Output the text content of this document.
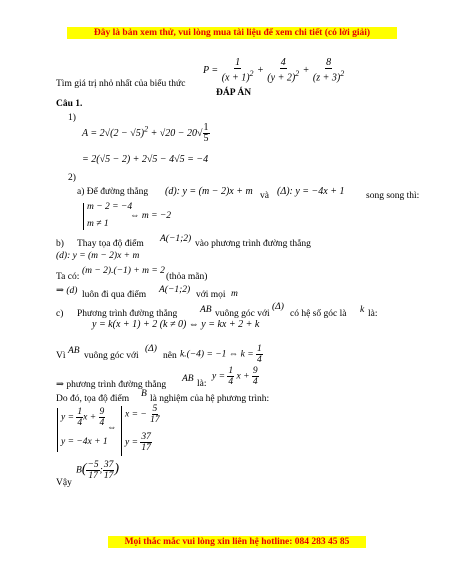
Đây là bản xem thử, vui lòng mua tài liệu để xem chi tiết (có lời giải)
$P = \frac{1}{(x + 1)^2} + \frac{4}{(y + 2)^2} + \frac{8}{(z + 3)^2}$
Tìm giá trị nhỏ nhất của biểu thức
ĐÁP ÁN
Câu 1.
1)
$A = 2√(2 - √5)^2 + √20 - 20√ \frac{1}{5}$
= 2(√5 − 2) + 2√5 − 4√5 = −4
2)
a) Để đường thẳng (d): y = (m − 2)x + m và (Δ): y = −4x + 1 song song thì:
m − 2 = −4
m ≠ 1
⇔ m = −2
b) Thay tọa độ điểm A(−1;2) vào phương trình đường thẳng
(d): y = (m − 2)x + m
Ta có:
(m − 2).(−1) + m = 2
(thỏa mãn)
⇒ (d) luôn đi qua điểm A(−1;2) với mọi m
c) Phương trình đường thẳng AB vuông góc với
(Δ)
có hệ số góc là k là:
y = k(x + 1) + 2 (k ≠ 0) ⇔ y = kx + 2 + k
Vì AB vuông góc với
(Δ)
nên k.(−4) = −1 ⇔ $k = \frac{1}{4}$
⇒ phương trình đường thẳng
AB là:
$y = \frac{1}{4}$ $x + \frac{9}{4}$
Do đó, tọa độ điểm B là nghiệm của hệ phương trình:
$y = \frac{1}{4}$ $x + \frac{9}{4}$
y = −4x + 1
⇔
x = − $\frac{5}{17}$
$y = \frac{37}{17}$
$B( \frac{-5}{17}$ ; $\frac{37}{17}$ )
Vậy
Mọi thắc mắc vui lòng xin liên hệ hotline: 084 283 45 85
